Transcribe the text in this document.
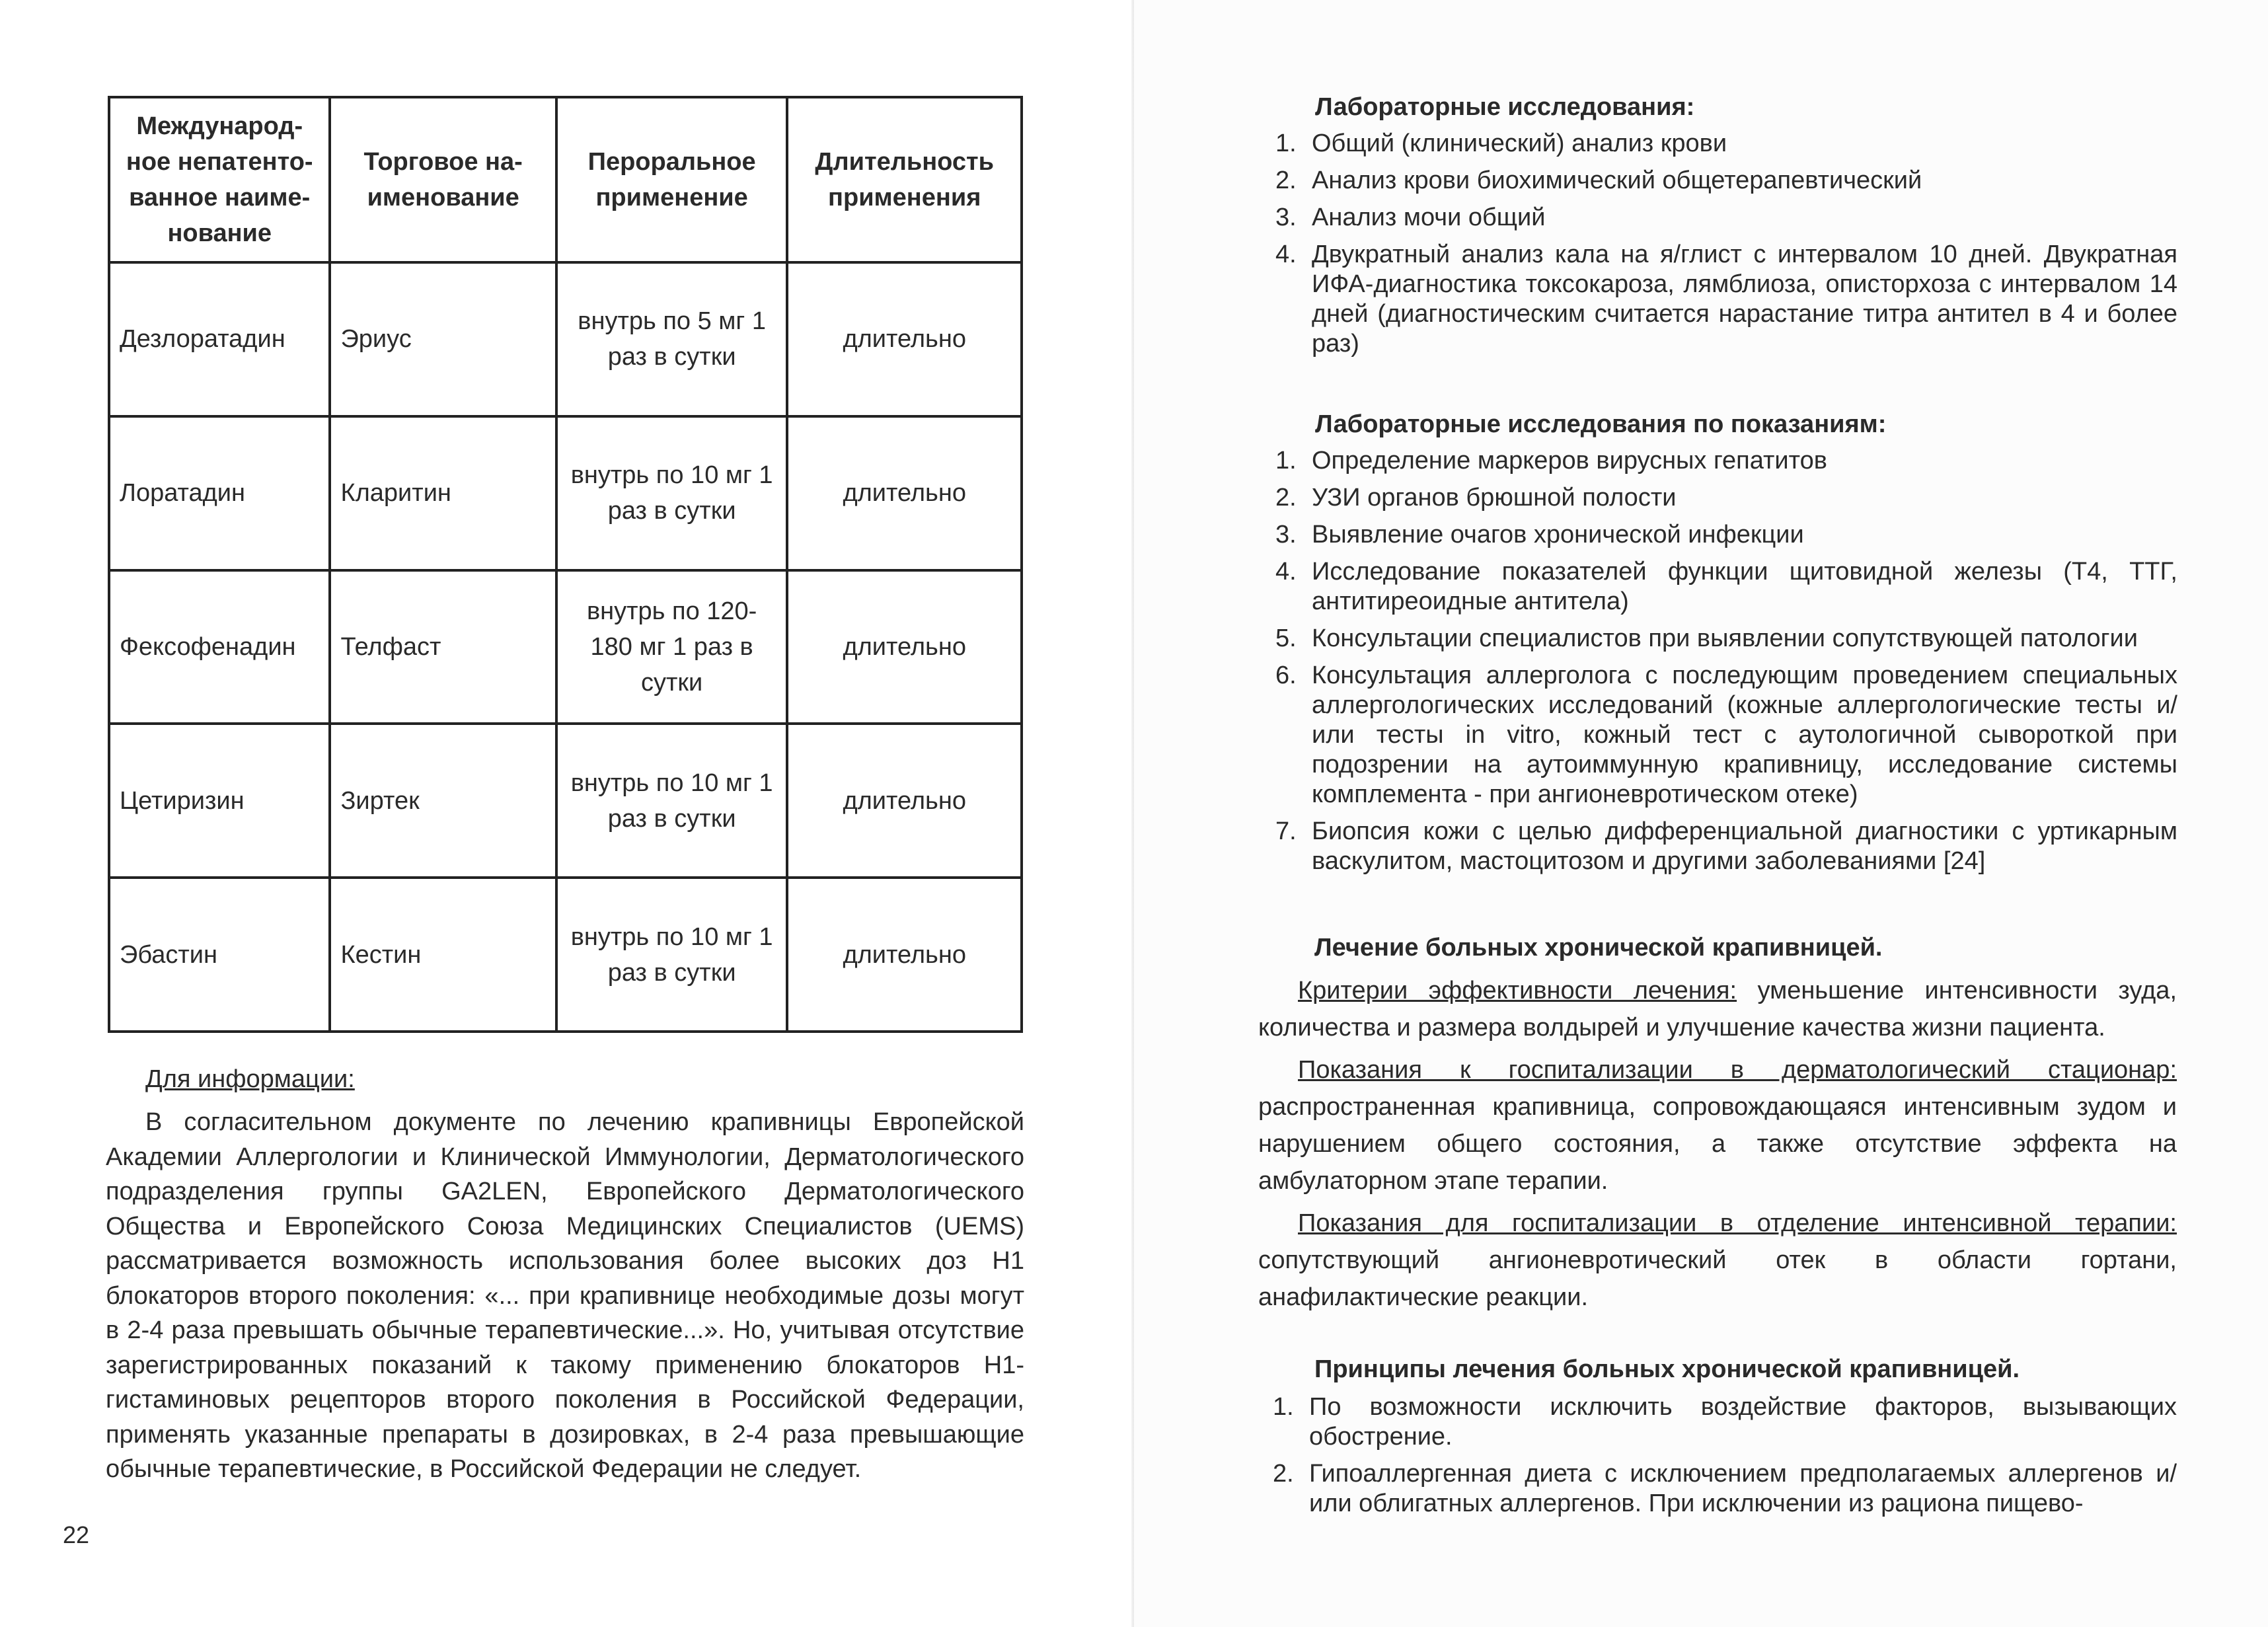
Международ-ное непатенто-ванное наиме-нование	Торговое на-именование	Пероральное применение	Длительность применения
Дезлоратадин	Эриус	внутрь по 5 мг 1 раз в сутки	длительно
Лоратадин	Кларитин	внутрь по 10 мг 1 раз в сутки	длительно
Фексофенадин	Телфаст	внутрь по 120-180 мг 1 раз в сутки	длительно
Цетиризин	Зиртек	внутрь по 10 мг 1 раз в сутки	длительно
Эбастин	Кестин	внутрь по 10 мг 1 раз в сутки	длительно
Для информации:
В согласительном документе по лечению крапивницы Европейской Академии Аллергологии и Клинической Иммунологии, Дерматологического подразделения группы GA2LEN, Европейского Дерматологического Общества и Европейского Союза Медицинских Специалистов (UEMS) рассматривается возможность использования более высоких доз Н1 блокаторов второго поколения: «... при крапивнице необходимые дозы могут в 2-4 раза превышать обычные терапевтические...». Но, учитывая отсутствие зарегистрированных показаний к такому применению блокаторов Н1-гистаминовых рецепторов второго поколения в Российской Федерации, применять указанные препараты в дозировках, в 2-4 раза превышающие обычные терапевтические, в Российской Федерации не следует.
22
Лабораторные исследования:
1. Общий (клинический) анализ крови
2. Анализ крови биохимический общетерапевтический
3. Анализ мочи общий
4. Двукратный анализ кала на я/глист с интервалом 10 дней. Двукратная ИФА-диагностика токсокароза, лямблиоза, описторхоза с интервалом 14 дней (диагностическим считается нарастание титра антител в 4 и более раз)
Лабораторные исследования по показаниям:
1. Определение маркеров вирусных гепатитов
2. УЗИ органов брюшной полости
3. Выявление очагов хронической инфекции
4. Исследование показателей функции щитовидной железы (Т4, ТТГ, антитиреоидные антитела)
5. Консультации специалистов при выявлении сопутствующей патологии
6. Консультация аллерголога с последующим проведением специальных аллергологических исследований (кожные аллергологические тесты и/или тесты in vitro, кожный тест с аутологичной сывороткой при подозрении на аутоиммунную крапивницу, исследование системы комплемента - при ангионевротическом отеке)
7. Биопсия кожи с целью дифференциальной диагностики с уртикарным васкулитом, мастоцитозом и другими заболеваниями [24]
Лечение больных хронической крапивницей.
Критерии эффективности лечения: уменьшение интенсивности зуда, количества и размера волдырей и улучшение качества жизни пациента.
Показания к госпитализации в дерматологический стационар: распространенная крапивница, сопровождающаяся интенсивным зудом и нарушением общего состояния, а также отсутствие эффекта на амбулаторном этапе терапии.
Показания для госпитализации в отделение интенсивной терапии: сопутствующий ангионевротический отек в области гортани, анафилактические реакции.
Принципы лечения больных хронической крапивницей.
1. По возможности исключить воздействие факторов, вызывающих обострение.
2. Гипоаллергенная диета с исключением предполагаемых аллергенов и/или облигатных аллергенов. При исключении из рациона пищево-
